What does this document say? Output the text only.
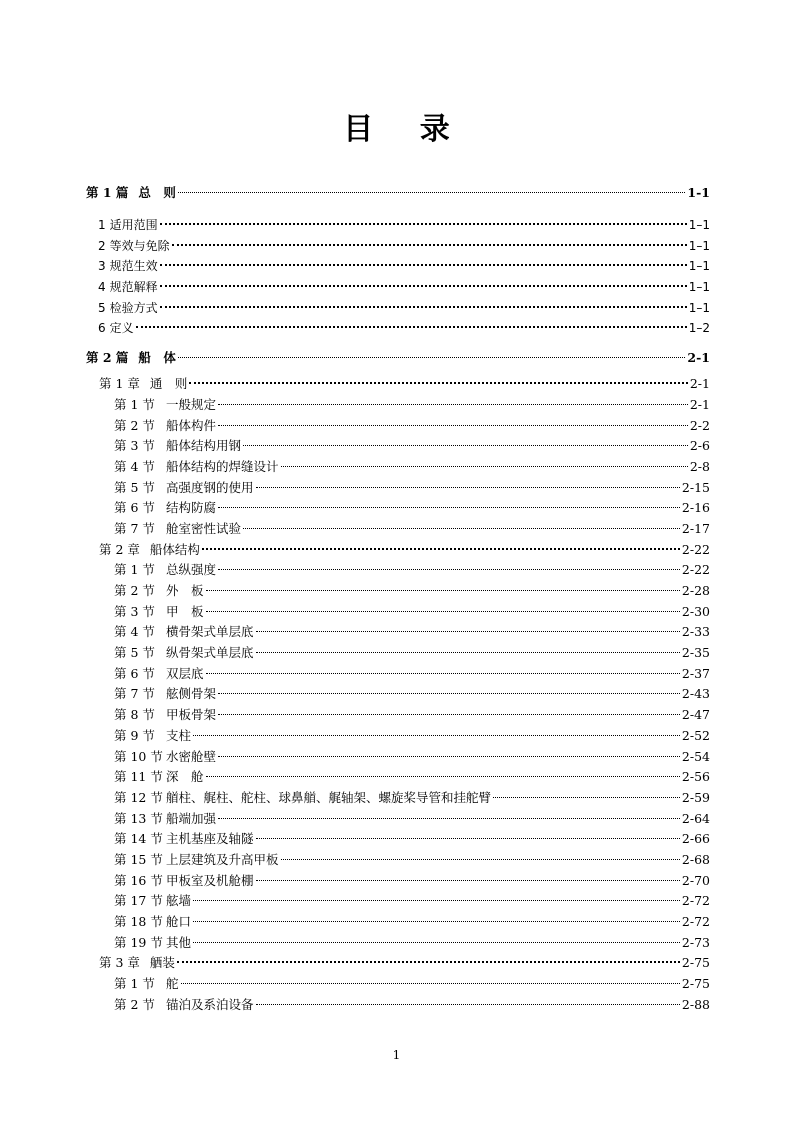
目 录
第 1 篇 总　则	1-1
1 适用范围	1–1
2 等效与免除	1–1
3 规范生效	1–1
4 规范解释	1–1
5 检验方式	1–1
6 定义	1–2
第 2 篇 船　体	2-1
第 1 章 通　则	2-1
第 1 节 一般规定	2-1
第 2 节 船体构件	2-2
第 3 节 船体结构用钢	2-6
第 4 节 船体结构的焊缝设计	2-8
第 5 节 高强度钢的使用	2-15
第 6 节 结构防腐	2-16
第 7 节 舱室密性试验	2-17
第 2 章 船体结构	2-22
第 1 节 总纵强度	2-22
第 2 节 外　板	2-28
第 3 节 甲　板	2-30
第 4 节 横骨架式单层底	2-33
第 5 节 纵骨架式单层底	2-35
第 6 节 双层底	2-37
第 7 节 舷侧骨架	2-43
第 8 节 甲板骨架	2-47
第 9 节 支柱	2-52
第 10 节 水密舱壁	2-54
第 11 节 深　舱	2-56
第 12 节 艏柱、艉柱、舵柱、球鼻艏、艉轴架、螺旋桨导管和挂舵臂	2-59
第 13 节 船端加强	2-64
第 14 节 主机基座及轴隧	2-66
第 15 节 上层建筑及升高甲板	2-68
第 16 节 甲板室及机舱棚	2-70
第 17 节 舷墙	2-72
第 18 节 舱口	2-72
第 19 节 其他	2-73
第 3 章 舾装	2-75
第 1 节 舵	2-75
第 2 节 锚泊及系泊设备	2-88
1
